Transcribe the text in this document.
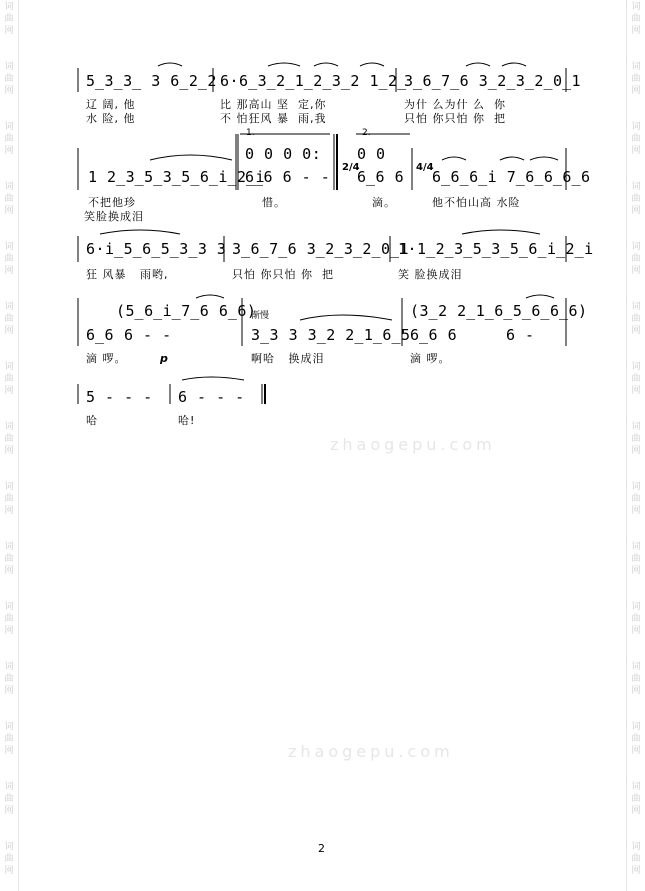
词
曲
网
词
曲
网
词
曲
网
词
曲
网
词
曲
网
词
曲
网
词
曲
网
词
曲
网
词
曲
网
词
曲
网
词
曲
网
词
曲
网
词
曲
网
词
曲
网
词
曲
网
词
曲
网
词
曲
网
词
曲
网
词
曲
网
词
曲
网
词
曲
网
词
曲
网
词
曲
网
词
曲
网
词
曲
网
词
曲
网
词
曲
网
词
曲
网
词
曲
网
词
曲
网
5̲3̲3̲ 3 6̲2̲2 6·6̲3̲2̲1̲2̲3̲2 1̲2̲
3̲6̲7̲6 3̲2̲3̲2̲0̲1
辽 阔, 他	比 那高山 坚  定,你	为什 么为什 么  你
水 险, 他	不 怕狂风 暴  雨,我	只怕 你只怕 你  把
1 2̲3̲5̲3̲5̲6̲i̲2̲i
6̲6 6 - -
0 0 0 0:
2/4
0 0
6̲6 6
4/4
6̲6̲6̲i 7̲6̲6̲6̲6
1.	2.
不把他珍	惜。	滴。	他不怕山高 水险
笑脸换成泪
6·i̲5̲6̲5̲3̲3 3 3̲6̲7̲6 3̲2̲3̲2̲0̲1
1·1̲2̲3̲5̲3̲5̲6̲i̲2̲i
狂 风暴   雨哟,	只怕 你只怕 你  把	笑 脸换成泪
6̲6
(5̲6̲i̲7̲6 6̲6)
6 - -	3̲3 3 3̲2 2̲1̲6̲5 6̲6 6
(3̲2 2̲1̲6̲5̲6̲6̲6)
6 -
p
渐慢
滴 啰。	啊哈   换成泪	滴 啰。
5 - - - 6 - - -
哈	哈!
zhaogepu.com
zhaogepu.com
2
